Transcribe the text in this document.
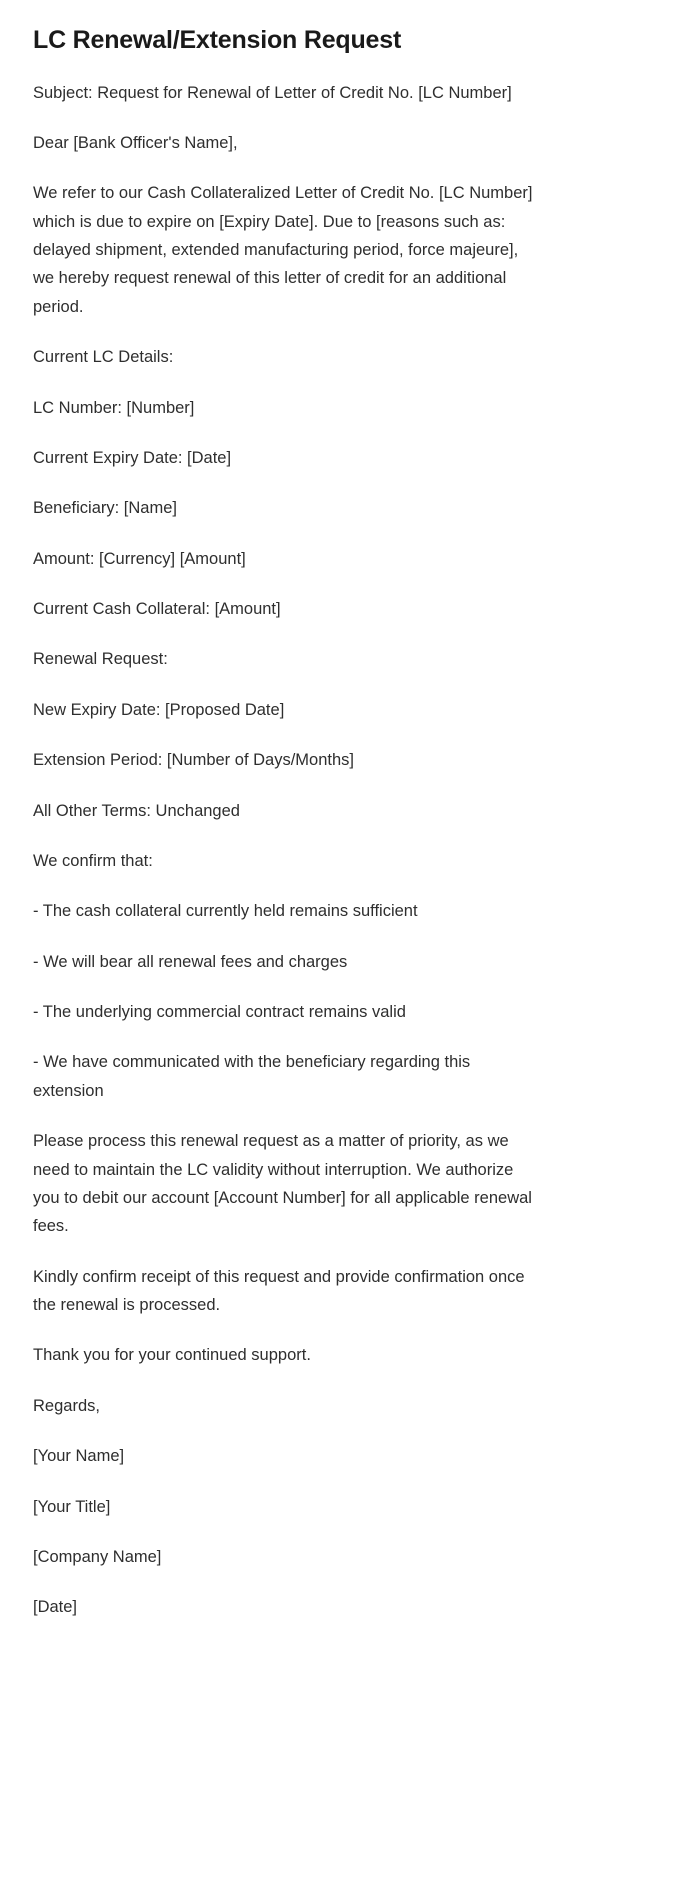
LC Renewal/Extension Request

Subject: Request for Renewal of Letter of Credit No. [LC Number]

Dear [Bank Officer's Name],

We refer to our Cash Collateralized Letter of Credit No. [LC Number] which is due to expire on [Expiry Date]. Due to [reasons such as: delayed shipment, extended manufacturing period, force majeure], we hereby request renewal of this letter of credit for an additional period.

Current LC Details:

LC Number: [Number]

Current Expiry Date: [Date]

Beneficiary: [Name]

Amount: [Currency] [Amount]

Current Cash Collateral: [Amount]

Renewal Request:

New Expiry Date: [Proposed Date]

Extension Period: [Number of Days/Months]

All Other Terms: Unchanged

We confirm that:

- The cash collateral currently held remains sufficient

- We will bear all renewal fees and charges

- The underlying commercial contract remains valid

- We have communicated with the beneficiary regarding this extension

Please process this renewal request as a matter of priority, as we need to maintain the LC validity without interruption. We authorize you to debit our account [Account Number] for all applicable renewal fees.

Kindly confirm receipt of this request and provide confirmation once the renewal is processed.

Thank you for your continued support.

Regards,

[Your Name]

[Your Title]

[Company Name]

[Date]
